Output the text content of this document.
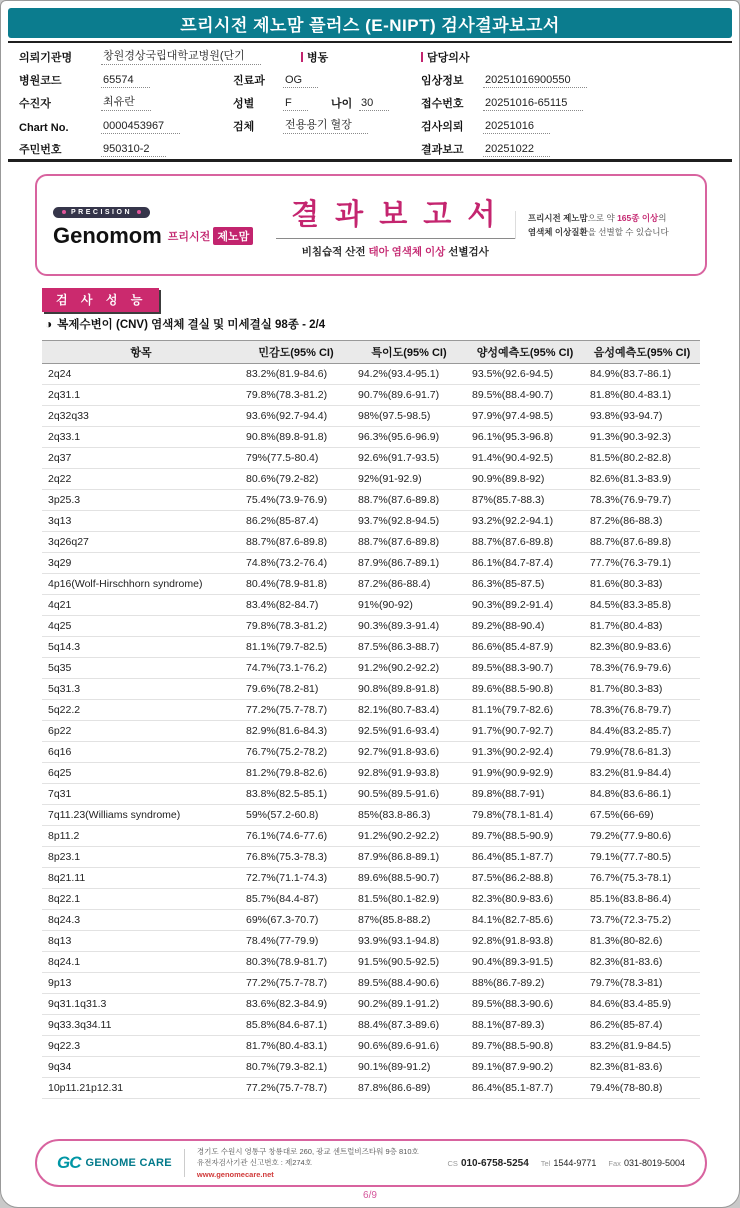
프리시전 제노맘 플러스 (E-NIPT) 검사결과보고서
의뢰기관명	창원경상국립대학교병원(단기	병동	담당의사
병원코드	65574	진료과	OG	임상정보	20251016900550
수진자	최유란	성별	F	나이 30	접수번호	20251016-65115
Chart No.	0000453967	검체	전용용기 혈장	검사의뢰	20251016
주민번호	950310-2	결과보고	20251022
PRECISION
Genomom 프리시전 제노맘
결 과 보 고 서
비침습적 산전 태아 염색체 이상 선별검사
프리시전 제노맘으로 약 165종 이상의
염색체 이상질환을 선별할 수 있습니다
검 사 성 능
◑ 복제수변이 (CNV) 염색체 결실 및 미세결실 98종 - 2/4
항목	민감도(95% CI)	특이도(95% CI)	양성예측도(95% CI)	음성예측도(95% CI)
2q24	83.2%(81.9-84.6)	94.2%(93.4-95.1)	93.5%(92.6-94.5)	84.9%(83.7-86.1)
2q31.1	79.8%(78.3-81.2)	90.7%(89.6-91.7)	89.5%(88.4-90.7)	81.8%(80.4-83.1)
2q32q33	93.6%(92.7-94.4)	98%(97.5-98.5)	97.9%(97.4-98.5)	93.8%(93-94.7)
2q33.1	90.8%(89.8-91.8)	96.3%(95.6-96.9)	96.1%(95.3-96.8)	91.3%(90.3-92.3)
2q37	79%(77.5-80.4)	92.6%(91.7-93.5)	91.4%(90.4-92.5)	81.5%(80.2-82.8)
2q22	80.6%(79.2-82)	92%(91-92.9)	90.9%(89.8-92)	82.6%(81.3-83.9)
3p25.3	75.4%(73.9-76.9)	88.7%(87.6-89.8)	87%(85.7-88.3)	78.3%(76.9-79.7)
3q13	86.2%(85-87.4)	93.7%(92.8-94.5)	93.2%(92.2-94.1)	87.2%(86-88.3)
3q26q27	88.7%(87.6-89.8)	88.7%(87.6-89.8)	88.7%(87.6-89.8)	88.7%(87.6-89.8)
3q29	74.8%(73.2-76.4)	87.9%(86.7-89.1)	86.1%(84.7-87.4)	77.7%(76.3-79.1)
4p16(Wolf-Hirschhorn syndrome)	80.4%(78.9-81.8)	87.2%(86-88.4)	86.3%(85-87.5)	81.6%(80.3-83)
4q21	83.4%(82-84.7)	91%(90-92)	90.3%(89.2-91.4)	84.5%(83.3-85.8)
4q25	79.8%(78.3-81.2)	90.3%(89.3-91.4)	89.2%(88-90.4)	81.7%(80.4-83)
5q14.3	81.1%(79.7-82.5)	87.5%(86.3-88.7)	86.6%(85.4-87.9)	82.3%(80.9-83.6)
5q35	74.7%(73.1-76.2)	91.2%(90.2-92.2)	89.5%(88.3-90.7)	78.3%(76.9-79.6)
5q31.3	79.6%(78.2-81)	90.8%(89.8-91.8)	89.6%(88.5-90.8)	81.7%(80.3-83)
5q22.2	77.2%(75.7-78.7)	82.1%(80.7-83.4)	81.1%(79.7-82.6)	78.3%(76.8-79.7)
6p22	82.9%(81.6-84.3)	92.5%(91.6-93.4)	91.7%(90.7-92.7)	84.4%(83.2-85.7)
6q16	76.7%(75.2-78.2)	92.7%(91.8-93.6)	91.3%(90.2-92.4)	79.9%(78.6-81.3)
6q25	81.2%(79.8-82.6)	92.8%(91.9-93.8)	91.9%(90.9-92.9)	83.2%(81.9-84.4)
7q31	83.8%(82.5-85.1)	90.5%(89.5-91.6)	89.8%(88.7-91)	84.8%(83.6-86.1)
7q11.23(Williams syndrome)	59%(57.2-60.8)	85%(83.8-86.3)	79.8%(78.1-81.4)	67.5%(66-69)
8p11.2	76.1%(74.6-77.6)	91.2%(90.2-92.2)	89.7%(88.5-90.9)	79.2%(77.9-80.6)
8p23.1	76.8%(75.3-78.3)	87.9%(86.8-89.1)	86.4%(85.1-87.7)	79.1%(77.7-80.5)
8q21.11	72.7%(71.1-74.3)	89.6%(88.5-90.7)	87.5%(86.2-88.8)	76.7%(75.3-78.1)
8q22.1	85.7%(84.4-87)	81.5%(80.1-82.9)	82.3%(80.9-83.6)	85.1%(83.8-86.4)
8q24.3	69%(67.3-70.7)	87%(85.8-88.2)	84.1%(82.7-85.6)	73.7%(72.3-75.2)
8q13	78.4%(77-79.9)	93.9%(93.1-94.8)	92.8%(91.8-93.8)	81.3%(80-82.6)
8q24.1	80.3%(78.9-81.7)	91.5%(90.5-92.5)	90.4%(89.3-91.5)	82.3%(81-83.6)
9p13	77.2%(75.7-78.7)	89.5%(88.4-90.6)	88%(86.7-89.2)	79.7%(78.3-81)
9q31.1q31.3	83.6%(82.3-84.9)	90.2%(89.1-91.2)	89.5%(88.3-90.6)	84.6%(83.4-85.9)
9q33.3q34.11	85.8%(84.6-87.1)	88.4%(87.3-89.6)	88.1%(87-89.3)	86.2%(85-87.4)
9q22.3	81.7%(80.4-83.1)	90.6%(89.6-91.6)	89.7%(88.5-90.8)	83.2%(81.9-84.5)
9q34	80.7%(79.3-82.1)	90.1%(89-91.2)	89.1%(87.9-90.2)	82.3%(81-83.6)
10p11.21p12.31	77.2%(75.7-78.7)	87.8%(86.6-89)	86.4%(85.1-87.7)	79.4%(78-80.8)
GC GENOME CARE
경기도 수원시 영통구 창룡대로 260, 광교 센트럴비즈타워 9층 810호
유전자검사기관 신고번호 : 제274호
www.genomecare.net
CS 010-6758-5254 Tel 1544-9771 Fax 031-8019-5004
6/9
